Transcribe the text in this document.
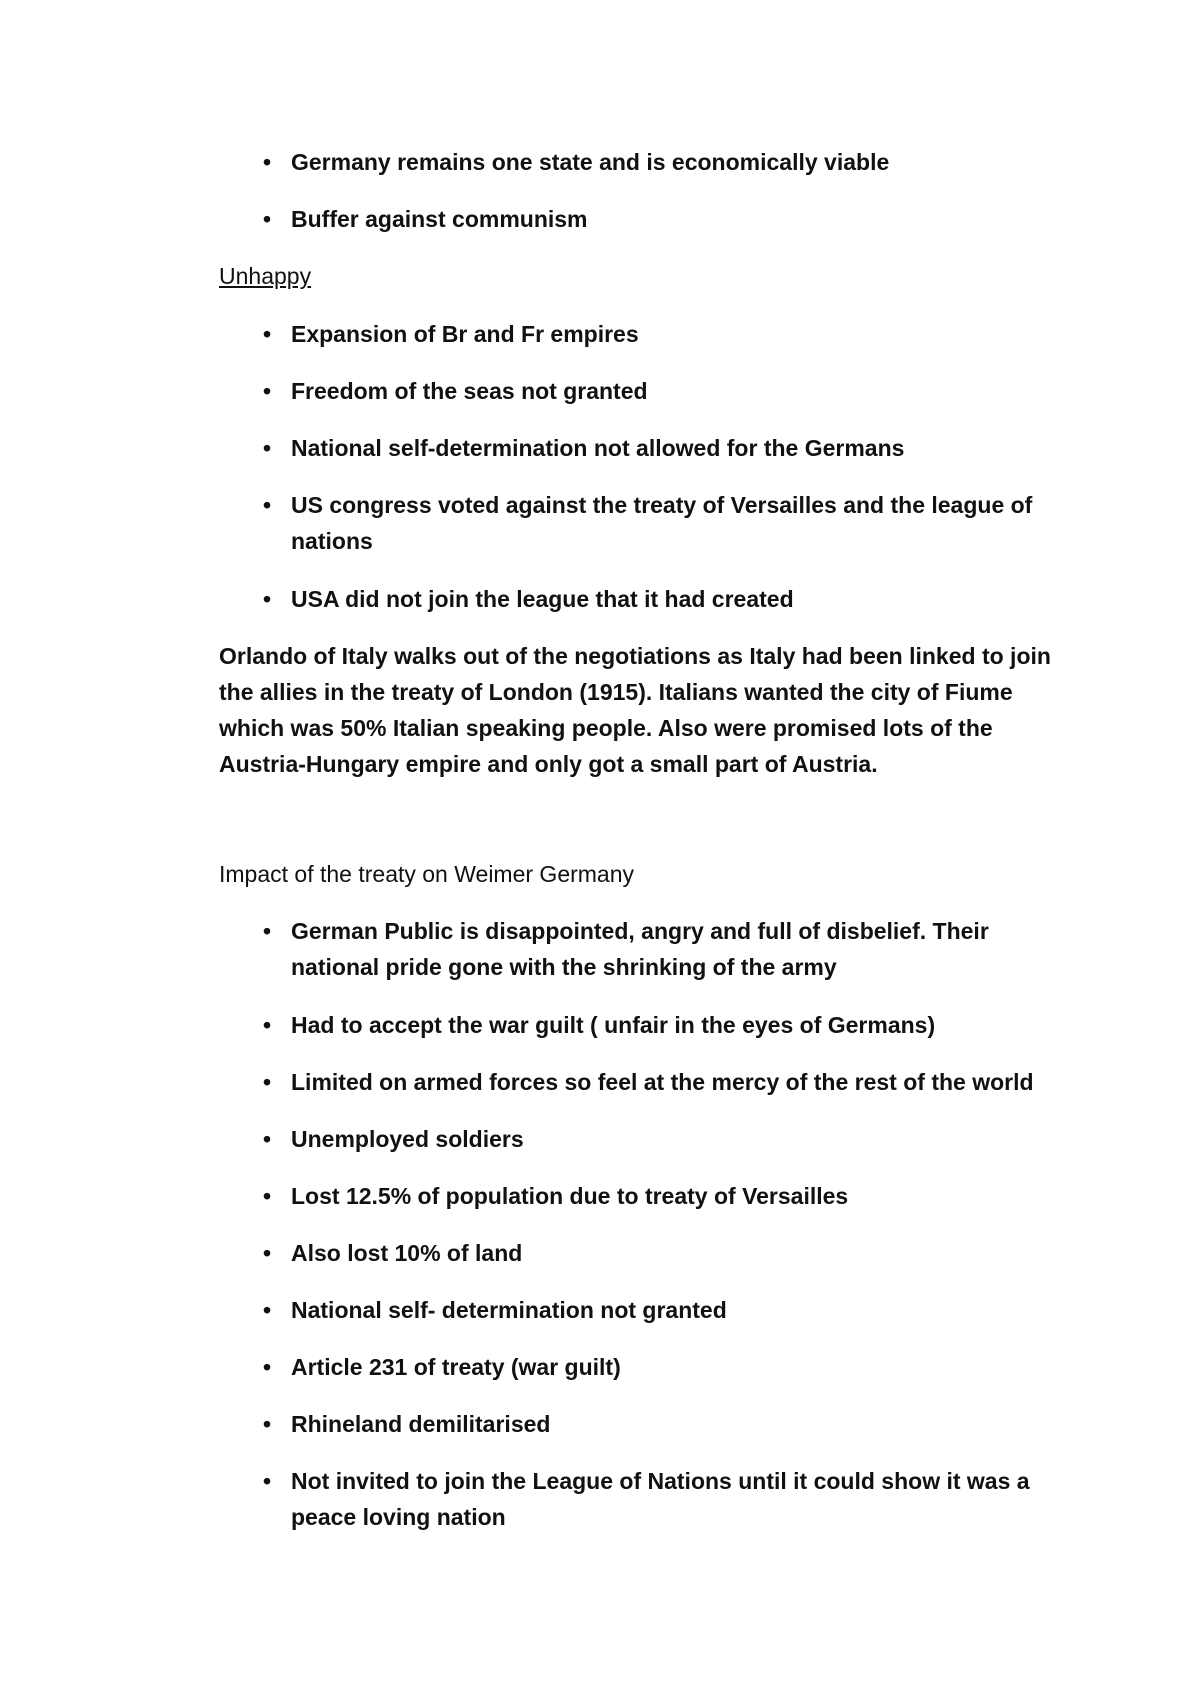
• Germany remains one state and is economically viable
• Buffer against communism
Unhappy
• Expansion of Br and Fr empires
• Freedom of the seas not granted
• National self-determination not allowed for the Germans
• US congress voted against the treaty of Versailles and the league of nations
• USA did not join the league that it had created
Orlando of Italy walks out of the negotiations as Italy had been linked to join the allies in the treaty of London (1915). Italians wanted the city of Fiume which was 50% Italian speaking people. Also were promised lots of the Austria-Hungary empire and only got a small part of Austria.
Impact of the treaty on Weimer Germany
• German Public is disappointed, angry and full of disbelief. Their national pride gone with the shrinking of the army
• Had to accept the war guilt ( unfair in the eyes of Germans)
• Limited on armed forces so feel at the mercy of the rest of the world
• Unemployed soldiers
• Lost 12.5% of population due to treaty of Versailles
• Also lost 10% of land
• National self- determination not granted
• Article 231 of treaty (war guilt)
• Rhineland demilitarised
• Not invited to join the League of Nations until it could show it was a peace loving nation
